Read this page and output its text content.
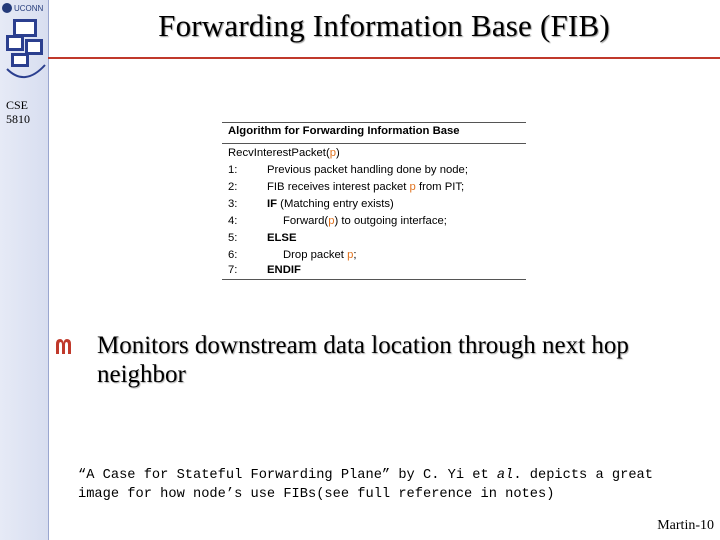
UCONN
CSE
5810
Forwarding Information Base (FIB)
Algorithm for Forwarding Information Base
RecvInterestPacket(p)
1:	Previous packet handling done by node;
2:	FIB receives interest packet p from PIT;
3:	IF (Matching entry exists)
4:	Forward(p) to outgoing interface;
5:	ELSE
6:	Drop packet p;
7:	ENDIF
Monitors downstream data location through next hop neighbor
“A Case for Stateful Forwarding Plane” by C. Yi et al. depicts a great image for how node’s use FIBs(see full reference in notes)
Martin-10
